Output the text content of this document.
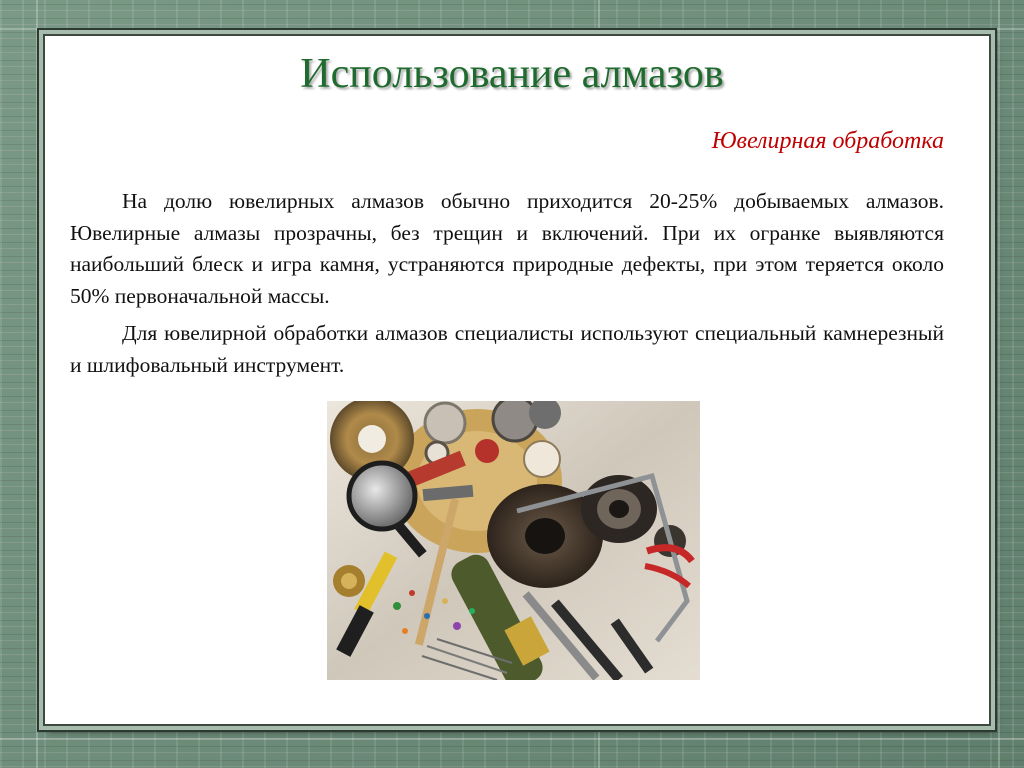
Использование алмазов
Ювелирная обработка

На долю ювелирных алмазов обычно приходится 20-25% добываемых алмазов. Ювелирные алмазы прозрачны, без трещин и включений. При их огранке выявляются наибольший блеск и игра камня, устраняются природные дефекты, при этом теряется около 50% первоначальной массы.

Для ювелирной обработки алмазов специалисты используют специальный камнерезный и шлифовальный инструмент.
